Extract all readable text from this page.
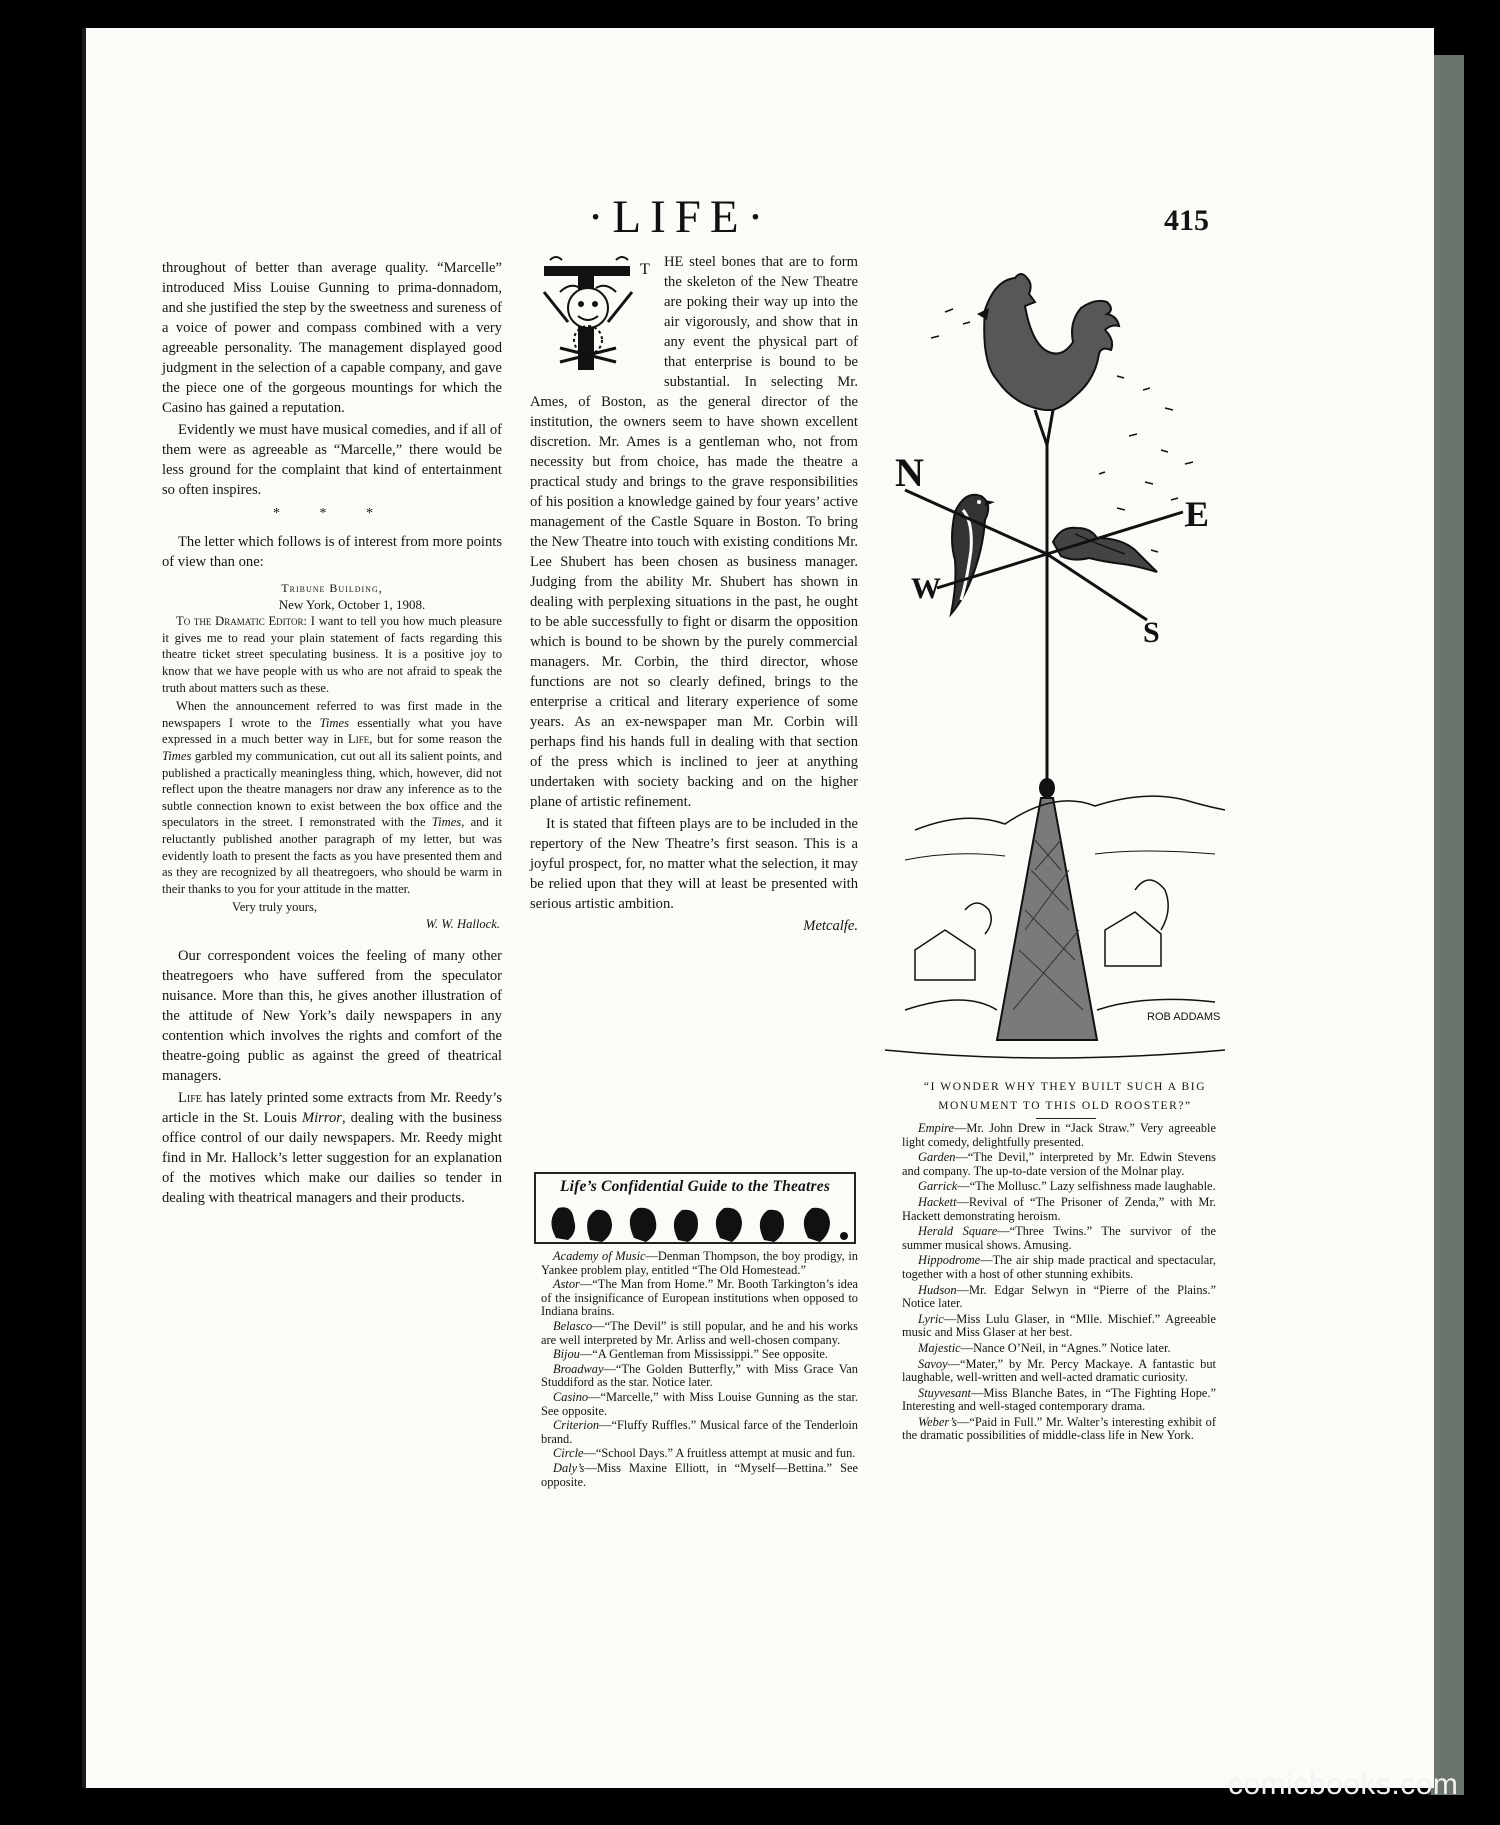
·LIFE·	415

throughout of better than average quality. “Marcelle” introduced Miss Louise Gunning to prima-donnadom, and she justified the step by the sweetness and sureness of a voice of power and compass combined with a very agreeable personality. The management displayed good judgment in the selection of a capable company, and gave the piece one of the gorgeous mountings for which the Casino has gained a reputation.

Evidently we must have musical comedies, and if all of them were as agreeable as “Marcelle,” there would be less ground for the complaint that kind of entertainment so often inspires.

* * *

The letter which follows is of interest from more points of view than one:

Tribune Building,
New York, October 1, 1908.

To the Dramatic Editor: I want to tell you how much pleasure it gives me to read your plain statement of facts regarding this theatre ticket street speculating business. It is a positive joy to know that we have people with us who are not afraid to speak the truth about matters such as these.

When the announcement referred to was first made in the newspapers I wrote to the Times essentially what you have expressed in a much better way in Life, but for some reason the Times garbled my communication, cut out all its salient points, and published a practically meaningless thing, which, however, did not reflect upon the theatre managers nor draw any inference as to the subtle connection known to exist between the box office and the speculators in the street. I remonstrated with the Times, and it reluctantly published another paragraph of my letter, but was evidently loath to present the facts as you have presented them and as they are recognized by all theatregoers, who should be warm in their thanks to you for your attitude in the matter.

Very truly yours,
W. W. Hallock.

Our correspondent voices the feeling of many other theatregoers who have suffered from the speculator nuisance. More than this, he gives another illustration of the attitude of New York’s daily newspapers in any contention which involves the rights and comfort of the theatre-going public as against the greed of theatrical managers.

Life has lately printed some extracts from Mr. Reedy’s article in the St. Louis Mirror, dealing with the business office control of our daily newspapers. Mr. Reedy might find in Mr. Hallock’s letter suggestion for an explanation of the motives which make our dailies so tender in dealing with theatrical managers and their products.

T HE steel bones that are to form the skeleton of the New Theatre are poking their way up into the air vigorously, and show that in any event the physical part of that enterprise is bound to be substantial. In selecting Mr. Ames, of Boston, as the general director of the institution, the owners seem to have shown excellent discretion. Mr. Ames is a gentleman who, not from necessity but from choice, has made the theatre a practical study and brings to the grave responsibilities of his position a knowledge gained by four years’ active management of the Castle Square in Boston. To bring the New Theatre into touch with existing conditions Mr. Lee Shubert has been chosen as business manager. Judging from the ability Mr. Shubert has shown in dealing with perplexing situations in the past, he ought to be able successfully to fight or disarm the opposition which is bound to be shown by the purely commercial managers. Mr. Corbin, the third director, whose functions are not so clearly defined, brings to the enterprise a critical and literary experience of some years. As an ex-newspaper man Mr. Corbin will perhaps find his hands full in dealing with that section of the press which is inclined to jeer at anything undertaken with society backing and on the higher plane of artistic refinement.

It is stated that fifteen plays are to be included in the repertory of the New Theatre’s first season. This is a joyful prospect, for, no matter what the selection, it may be relied upon that they will at least be presented with serious artistic ambition.

Metcalfe.
Life’s Confidential Guide to the Theatres

Academy of Music—Denman Thompson, the boy prodigy, in Yankee problem play, entitled “The Old Homestead.”

Astor—“The Man from Home.” Mr. Booth Tarkington’s idea of the insignificance of European institutions when opposed to Indiana brains.

Belasco—“The Devil” is still popular, and he and his works are well interpreted by Mr. Arliss and well-chosen company.

Bijou—“A Gentleman from Mississippi.” See opposite.

Broadway—“The Golden Butterfly,” with Miss Grace Van Studdiford as the star. Notice later.

Casino—“Marcelle,” with Miss Louise Gunning as the star. See opposite.

Criterion—“Fluffy Ruffles.” Musical farce of the Tenderloin brand.

Circle—“School Days.” A fruitless attempt at music and fun.

Daly’s—Miss Maxine Elliott, in “Myself—Bettina.” See opposite.

N
E
W
S
ROB ADDAMS
“I WONDER WHY THEY BUILT SUCH A BIG MONUMENT TO THIS OLD ROOSTER?”

Empire—Mr. John Drew in “Jack Straw.” Very agreeable light comedy, delightfully presented.

Garden—“The Devil,” interpreted by Mr. Edwin Stevens and company. The up-to-date version of the Molnar play.

Garrick—“The Mollusc.” Lazy selfishness made laughable.

Hackett—Revival of “The Prisoner of Zenda,” with Mr. Hackett demonstrating heroism.

Herald Square—“Three Twins.” The survivor of the summer musical shows. Amusing.

Hippodrome—The air ship made practical and spectacular, together with a host of other stunning exhibits.

Hudson—Mr. Edgar Selwyn in “Pierre of the Plains.” Notice later.

Lyric—Miss Lulu Glaser, in “Mlle. Mischief.” Agreeable music and Miss Glaser at her best.

Majestic—Nance O’Neil, in “Agnes.” Notice later.

Savoy—“Mater,” by Mr. Percy Mackaye. A fantastic but laughable, well-written and well-acted dramatic curiosity.

Stuyvesant—Miss Blanche Bates, in “The Fighting Hope.” Interesting and well-staged contemporary drama.

Weber’s—“Paid in Full.” Mr. Walter’s interesting exhibit of the dramatic possibilities of middle-class life in New York.

comicbooks.com
